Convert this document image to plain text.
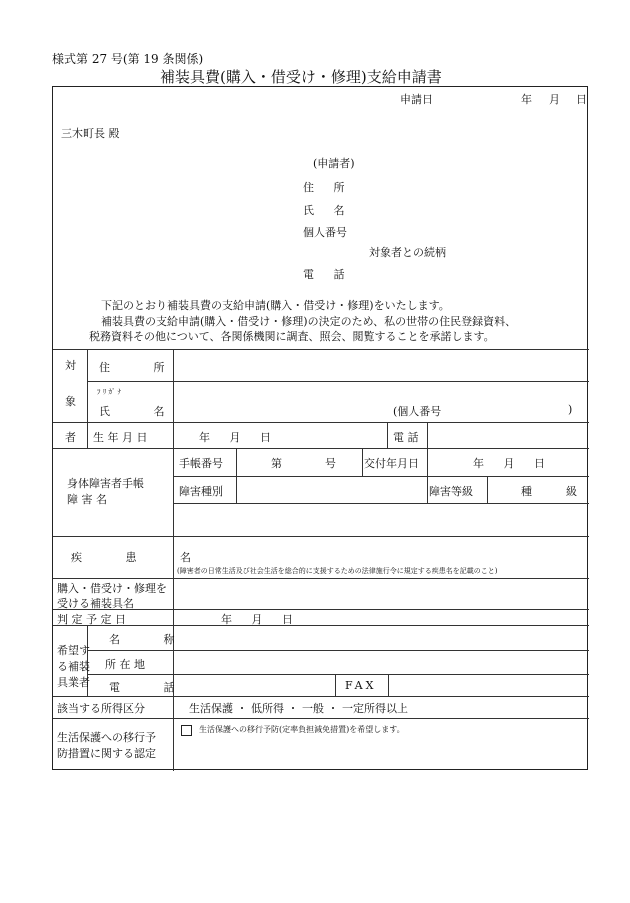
様式第 27 号(第 19 条関係)
補装具費(購入・借受け・修理)支給申請書
申請日	年 月 日
三木町長 殿
(申請者)
住 所
氏 名
個人番号
対象者との続柄
電 話
下記のとおり補装具費の支給申請(購入・借受け・修理)をいたします。
補装具費の支給申請(購入・借受け・修理)の決定のため、私の世帯の住民登録資料、
税務資料その他について、各関係機関に調査、照会、閲覧することを承諾します。
対
象
者
住 所
ﾌ ﾘ ｶﾞ ﾅ
氏 名	(個人番号	)
生 年 月 日	年 月 日	電 話
身体障害者手帳
障 害 名
手帳番号	第	号	交付年月日	年 月 日
障害種別	障害等級	種	級
疾 患 名
(障害者の日常生活及び社会生活を総合的に支援するための法律施行令に規定する疾患名を記載のこと)
購入・借受け・修理を
受ける補装具名
判 定 予 定 日	年 月 日
希望す
る補装
具業者
名 称
所 在 地
電 話	FAX
該当する所得区分	生活保護 ・ 低所得 ・ 一般 ・ 一定所得以上
生活保護への移行予
防措置に関する認定
生活保護への移行予防(定率負担減免措置)を希望します。
